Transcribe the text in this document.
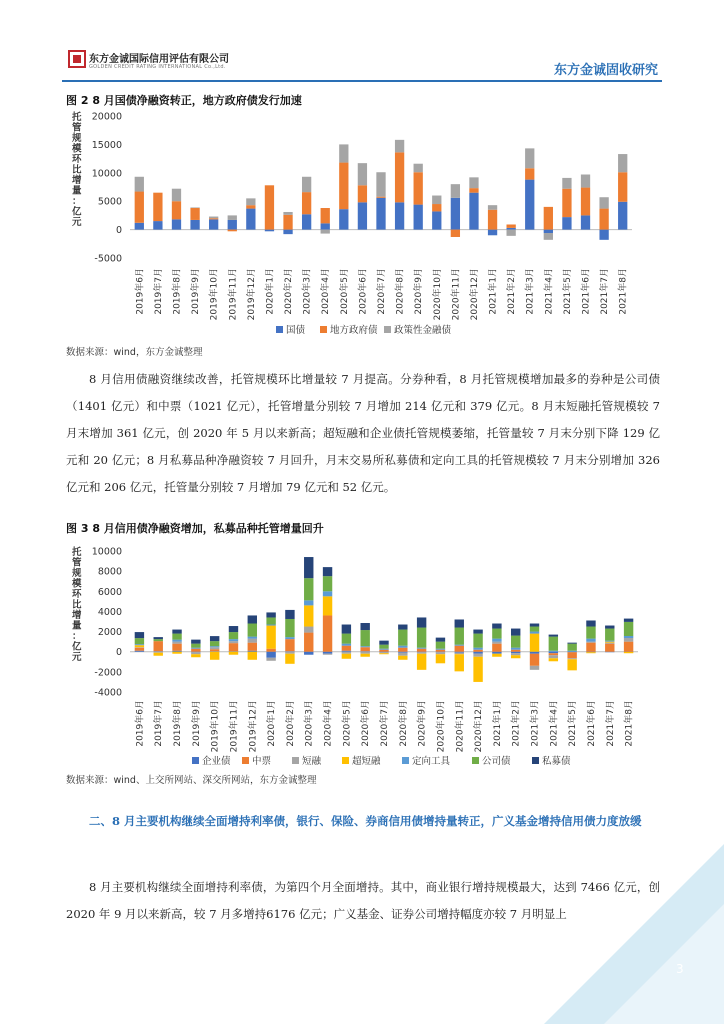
东方金诚国际信用评估有限公司
GOLDEN CREDIT RATING INTERNATIONAL Co.,Ltd.	东方金诚固收研究
图 2 8 月国债净融资转正，地方政府债发行加速
托管规模环比增量：亿元
-5000
0
5000
10000
15000
20000
2019年6月 2019年7月 2019年8月 2019年9月 2019年10月 2019年11月 2019年12月 2020年1月 2020年2月 2020年3月 2020年4月 2020年5月 2020年6月 2020年7月 2020年8月 2020年9月 2020年10月 2020年11月 2020年12月 2021年1月 2021年2月 2021年3月 2021年4月 2021年5月 2021年6月 2021年7月 2021年8月
国债	地方政府债 政策性金融债
数据来源：wind，东方金诚整理
8 月信用债融资继续改善，托管规模环比增量较 7 月提高。分券种看，8 月托管规模增加最多的券种是公司债（1401 亿元）和中票（1021 亿元），托管增量分别较 7 月增加 214 亿元和 379 亿元。8 月末短融托管规模较 7 月末增加 361 亿元，创 2020 年 5 月以来新高；超短融和企业债托管规模萎缩，托管量较 7 月末分别下降 129 亿元和 20 亿元；8 月私募品种净融资较 7 月回升，月末交易所私募债和定向工具的托管规模较 7 月末分别增加 326 亿元和 206 亿元，托管量分别较 7 月增加 79 亿元和 52 亿元。
图 3 8 月信用债净融资增加，私募品种托管增量回升
托管规模环比增量：亿元
-4000
-2000
0
2000
4000
6000
8000
10000
2019年6月 2019年7月 2019年8月 2019年9月 2019年10月 2019年11月 2019年12月 2020年1月 2020年2月 2020年3月 2020年4月 2020年5月 2020年6月 2020年7月 2020年8月 2020年9月 2020年10月 2020年11月 2020年12月 2021年1月 2021年2月 2021年3月 2021年4月 2021年5月 2021年6月 2021年7月 2021年8月
企业债 中票	短融	超短融	定向工具	公司债	私募债
数据来源：wind、上交所网站、深交所网站，东方金诚整理
二、8 月主要机构继续全面增持利率债，银行、保险、券商信用债增持量转正，广义基金增持信用债力度放缓
8 月主要机构继续全面增持利率债，为第四个月全面增持。其中，商业银行增持规模最大，达到 7466 亿元，创 2020 年 9 月以来新高，较 7 月多增持6176 亿元；广义基金、证券公司增持幅度亦较 7 月明显上
3
